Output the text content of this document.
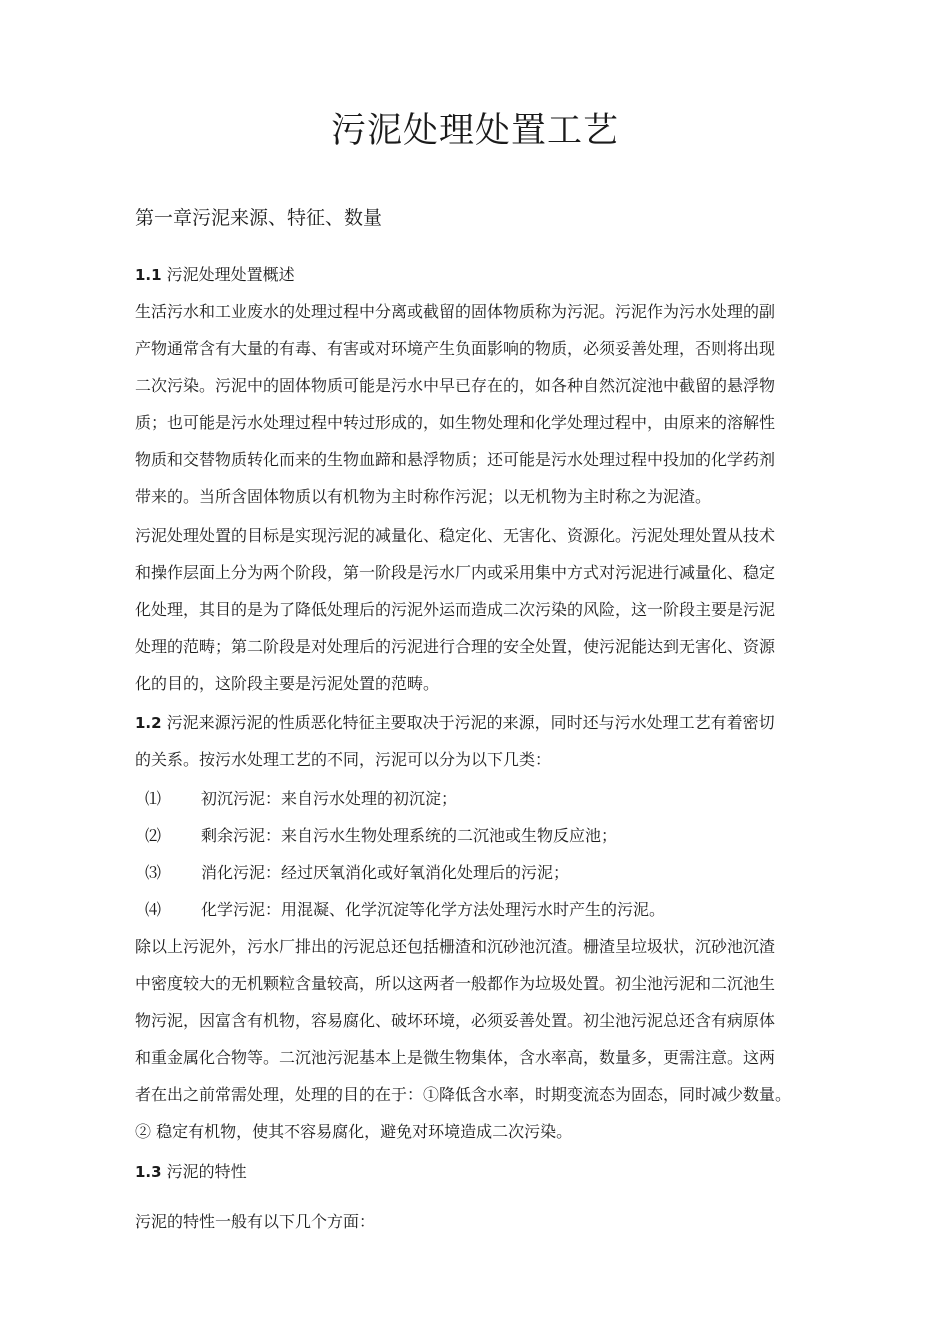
污泥处理处置工艺
第一章污泥来源、特征、数量
1.1 污泥处理处置概述
生活污水和工业废水的处理过程中分离或截留的固体物质称为污泥。污泥作为污水处理的副
产物通常含有大量的有毒、有害或对环境产生负面影响的物质，必须妥善处理，否则将出现
二次污染。污泥中的固体物质可能是污水中早已存在的，如各种自然沉淀池中截留的悬浮物
质；也可能是污水处理过程中转过形成的，如生物处理和化学处理过程中，由原来的溶解性
物质和交替物质转化而来的生物血蹄和悬浮物质；还可能是污水处理过程中投加的化学药剂
带来的。当所含固体物质以有机物为主时称作污泥；以无机物为主时称之为泥渣。
污泥处理处置的目标是实现污泥的减量化、稳定化、无害化、资源化。污泥处理处置从技术
和操作层面上分为两个阶段，第一阶段是污水厂内或采用集中方式对污泥进行减量化、稳定
化处理，其目的是为了降低处理后的污泥外运而造成二次污染的风险，这一阶段主要是污泥
处理的范畴；第二阶段是对处理后的污泥进行合理的安全处置，使污泥能达到无害化、资源
化的目的，这阶段主要是污泥处置的范畴。
1.2 污泥来源污泥的性质恶化特征主要取决于污泥的来源，同时还与污水处理工艺有着密切
的关系。按污水处理工艺的不同，污泥可以分为以下几类：
⑴ 初沉污泥：来自污水处理的初沉淀；
⑵ 剩余污泥：来自污水生物处理系统的二沉池或生物反应池；
⑶ 消化污泥：经过厌氧消化或好氧消化处理后的污泥；
⑷ 化学污泥：用混凝、化学沉淀等化学方法处理污水时产生的污泥。
除以上污泥外，污水厂排出的污泥总还包括栅渣和沉砂池沉渣。栅渣呈垃圾状，沉砂池沉渣
中密度较大的无机颗粒含量较高，所以这两者一般都作为垃圾处置。初尘池污泥和二沉池生
物污泥，因富含有机物，容易腐化、破坏环境，必须妥善处置。初尘池污泥总还含有病原体
和重金属化合物等。二沉池污泥基本上是微生物集体，含水率高，数量多，更需注意。这两
者在出之前常需处理，处理的目的在于：①降低含水率，时期变流态为固态，同时减少数量。
② 稳定有机物，使其不容易腐化，避免对环境造成二次污染。
1.3 污泥的特性
污泥的特性一般有以下几个方面：
